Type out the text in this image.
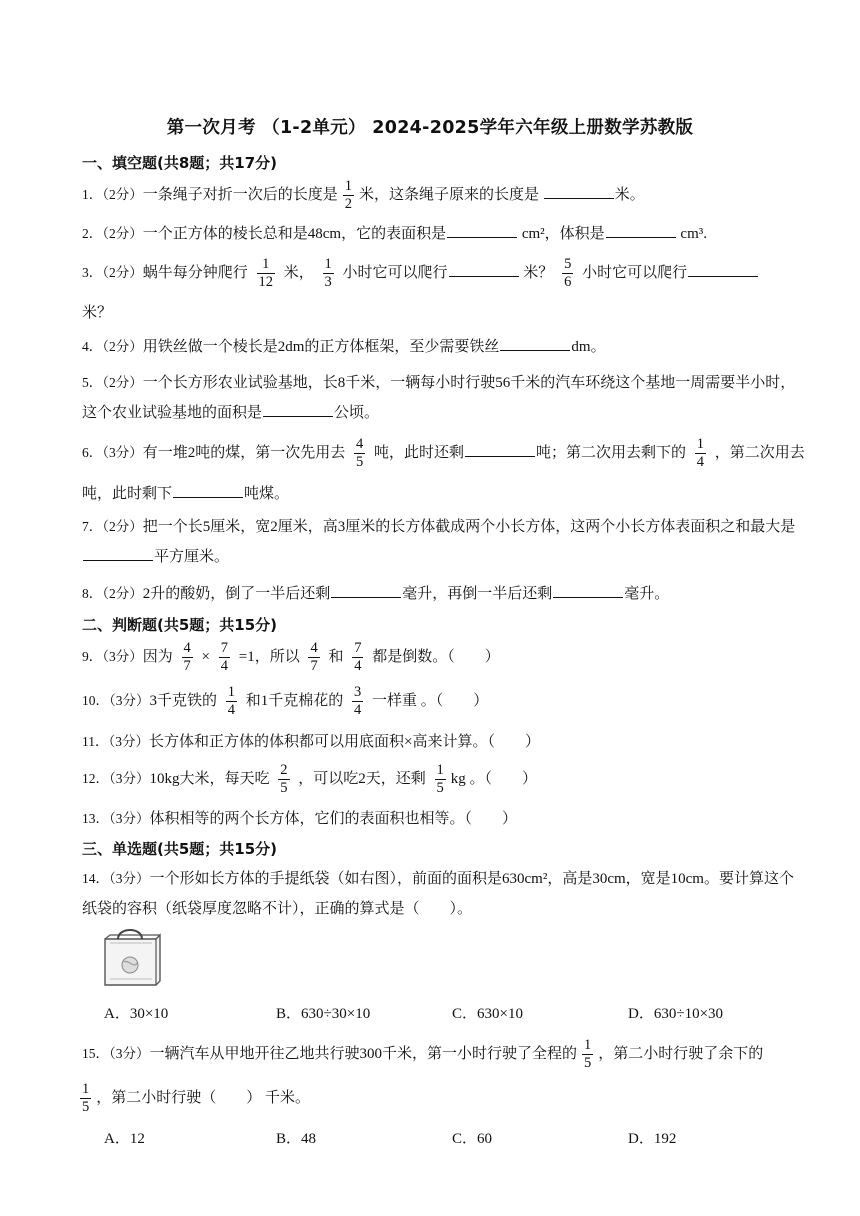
第一次月考 （1-2单元） 2024-2025学年六年级上册数学苏教版
一、填空题(共8题；共17分)
1．（2分）一条绳子对折一次后的长度是 $\frac{1}{2}$ 米，这条绳子原来的长度是	米。
2．（2分）一个正方体的棱长总和是48cm，它的表面积是	cm²，体积是	cm³.
3．（2分）蜗牛每分钟爬行 $\frac{1}{12}$ 米， $\frac{1}{3}$ 小时它可以爬行	米？ $\frac{5}{6}$ 小时它可以爬行
米？
4．（2分）用铁丝做一个棱长是2dm的正方体框架，至少需要铁丝	dm。
5．（2分）一个长方形农业试验基地，长8千米，一辆每小时行驶56千米的汽车环绕这个基地一周需要半小时，这个农业试验基地的面积是	公顷。
6．（3分）有一堆2吨的煤，第一次先用去 $\frac{4}{5}$ 吨，此时还剩	吨；第二次用去剩下的 $\frac{1}{4}$ ，第二次用去
吨，此时剩下	吨煤。
7．（2分）把一个长5厘米，宽2厘米，高3厘米的长方体截成两个小长方体，这两个小长方体表面积之和最大是平方厘米。
8．（2分）2升的酸奶，倒了一半后还剩	毫升，再倒一半后还剩	毫升。
二、判断题(共5题；共15分)
9．（3分）因为 $\frac{4}{7} \times \frac{7}{4} =1$，所以 $\frac{4}{7}$ 和 $\frac{7}{4}$ 都是倒数。（　　）
10．（3分）3千克铁的 $\frac{1}{4}$ 和1千克棉花的 $\frac{3}{4}$ 一样重 。（　　）
11．（3分）长方体和正方体的体积都可以用底面积×高来计算。（　　）
12．（3分）10kg大米，每天吃 $\frac{2}{5}$ ，可以吃2天，还剩 $\frac{1}{5}$ kg 。（　　）
13．（3分）体积相等的两个长方体，它们的表面积也相等。（　　）
三、单选题(共5题；共15分)
14．（3分）一个形如长方体的手提纸袋（如右图），前面的面积是630cm²，高是30cm，宽是10cm。要计算这个纸袋的容积（纸袋厚度忽略不计），正确的算式是（　　）。
A．30×10	B．630÷30×10	C．630×10	D．630÷10×30
15．（3分）一辆汽车从甲地开往乙地共行驶300千米，第一小时行驶了全程的 $\frac{1}{5}$ ，第二小时行驶了余下的
$\frac{1}{5}$ ，第二小时行驶（　　） 千米。
A．12	B．48	C．60	D．192
